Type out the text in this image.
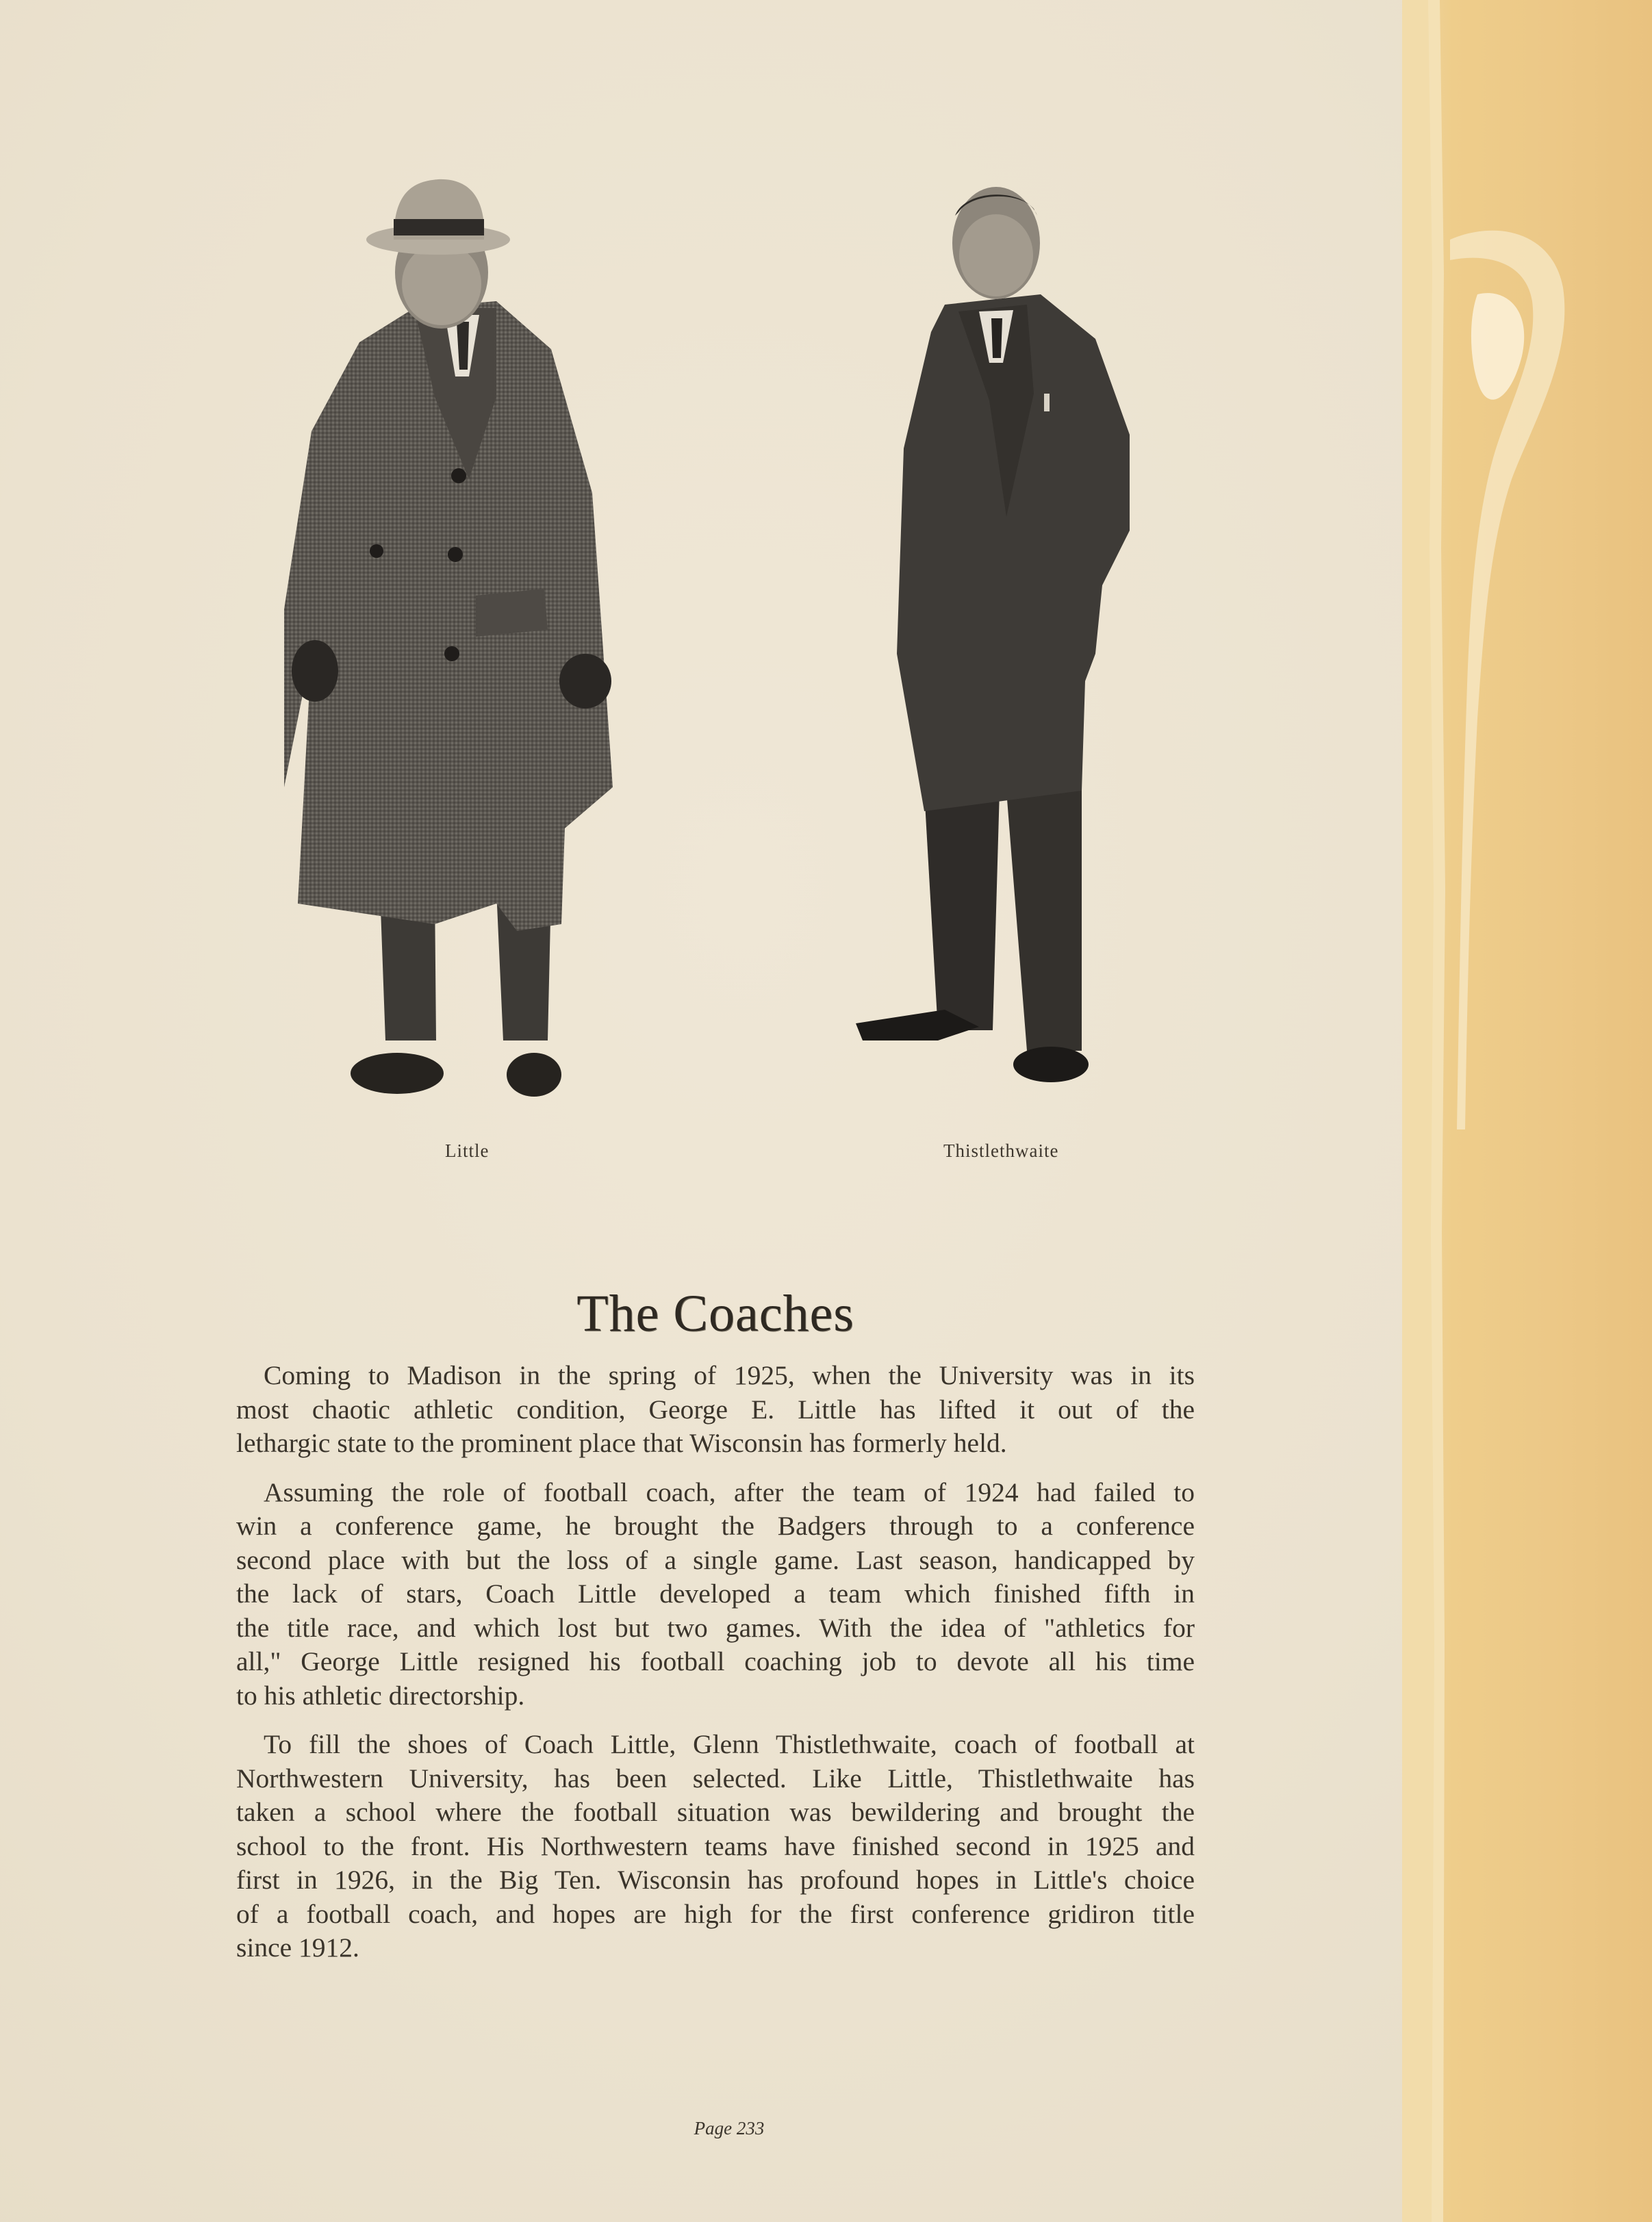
Little	Thistlethwaite
The Coaches
Coming to Madison in the spring of 1925, when the University was in its
most chaotic athletic condition, George E. Little has lifted it out of the
lethargic state to the prominent place that Wisconsin has formerly held.
Assuming the role of football coach, after the team of 1924 had failed to
win a conference game, he brought the Badgers through to a conference
second place with but the loss of a single game. Last season, handicapped by
the lack of stars, Coach Little developed a team which finished fifth in
the title race, and which lost but two games. With the idea of "athletics for
all," George Little resigned his football coaching job to devote all his time
to his athletic directorship.
To fill the shoes of Coach Little, Glenn Thistlethwaite, coach of football at
Northwestern University, has been selected. Like Little, Thistlethwaite has
taken a school where the football situation was bewildering and brought the
school to the front. His Northwestern teams have finished second in 1925 and
first in 1926, in the Big Ten. Wisconsin has profound hopes in Little's choice
of a football coach, and hopes are high for the first conference gridiron title
since 1912.
Page 233
